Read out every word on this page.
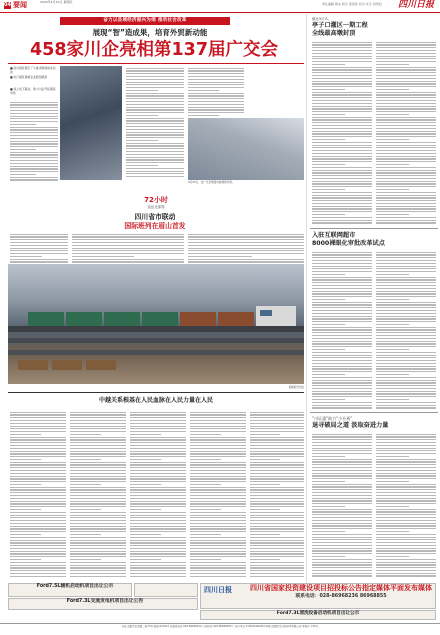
04 要闻	2025年4月10日 星期四	责任编辑 蒋冰 版式 廖思桂 校对 朱冬 刘雪松 四川日报
奋力以县域经济振兴为纲 推动社会改革
展现“智”造成果，培育外贸新动能
458家川企亮相第137届广交会
■ 四川展区吸引了大批采购商前来洽谈
■ 出口展区参展企业数创新高
■ 线上线下联动，助力川企开拓国际市场
4月15日，在广交会展馆内参观的外商。
72小时
直达北部湾
四川省市联动
国际班列在眉山首发
首趟班列出发
中越关系根基在人民血脉在人民力量在人民
截至3月末，
亭子口灌区一期工程
全线最高墩封顶
入驻互联网超市
8000裸眼化审批改革试点
“川证惠”助力“小升规”
退寻破局之道 汲取奋进力量
Ford7.5L辅机启动机项目出让公示	四川日报	四川省国家投资建设项目招投标公告指定媒体平面发布媒体
联系电话：028-86968236 86968855
Ford7.3L交流发电机项目出让公告
Ford7.3L清洗设备启动机项目出让公示
社址 成都市红星路二段70号 邮编 610012 总编室电话 028-86968220 订阅热线 028-86968005 广告许可证 510000400004 印刷 成都四川日报印务有限公司 零售价 1.50元
